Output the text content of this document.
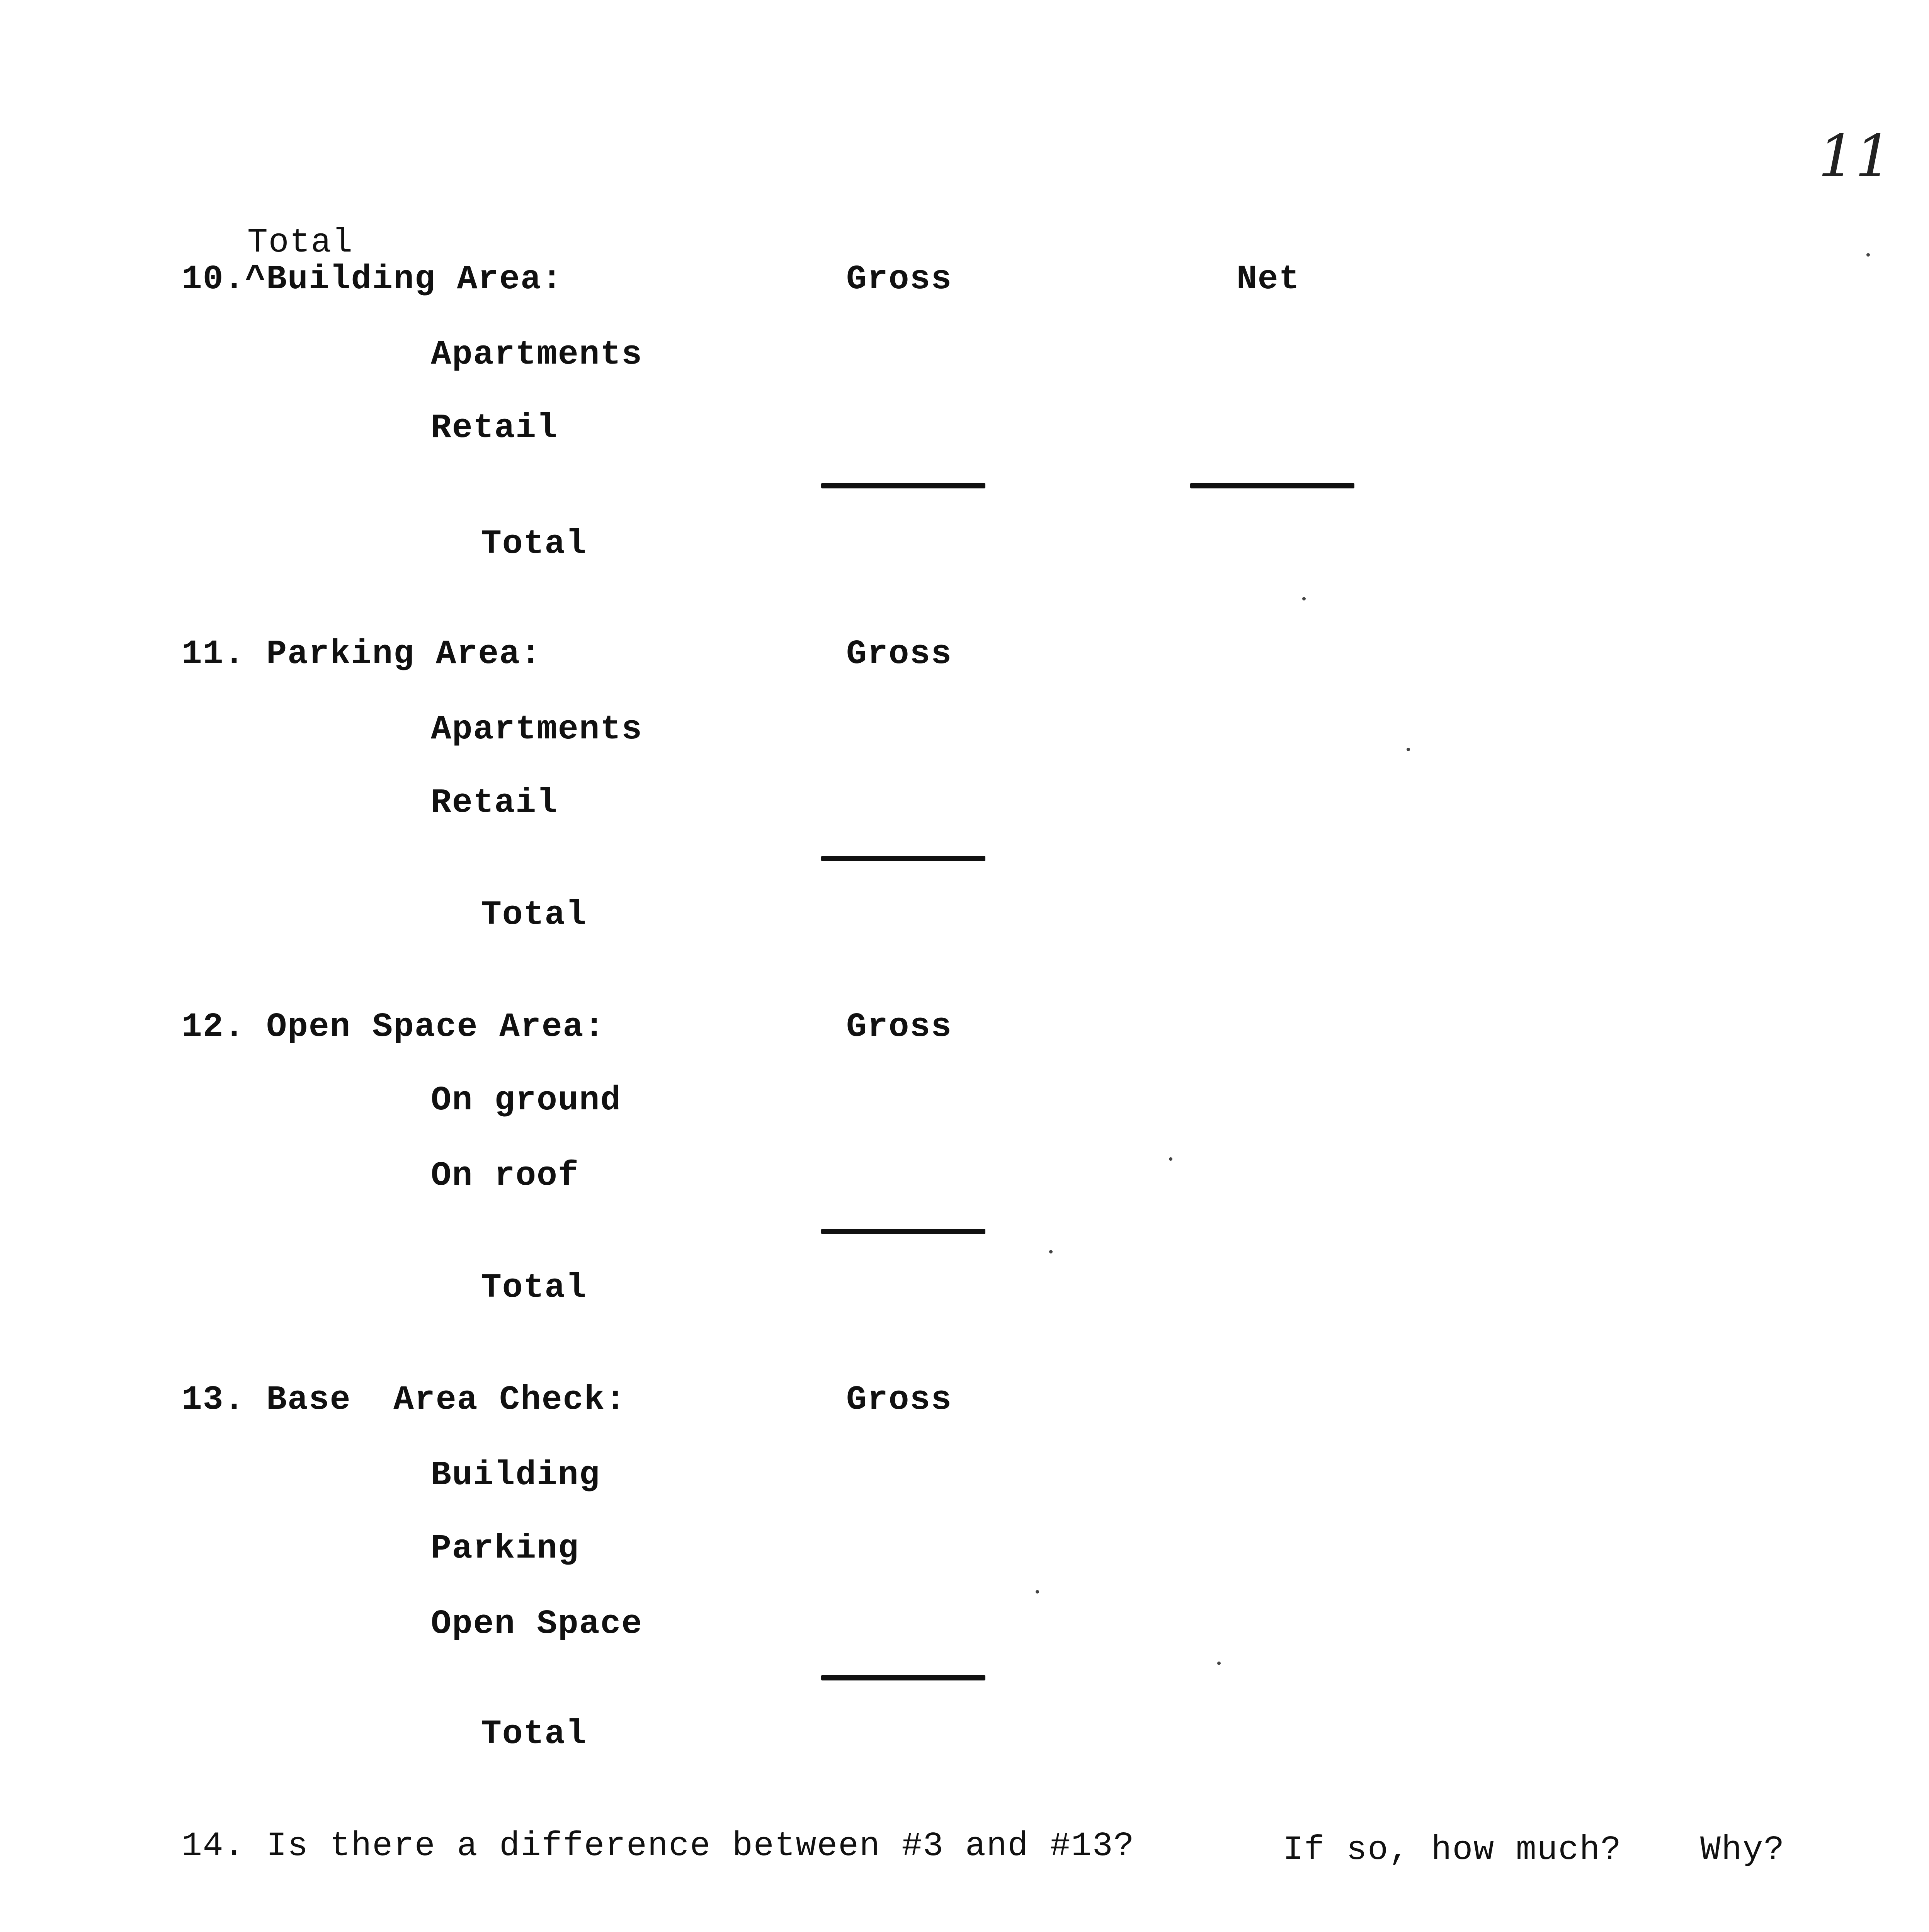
11
Total
10.^Building Area:	Gross	Net
Apartments
Retail
Total
11. Parking Area:	Gross
Apartments
Retail
Total
12. Open Space Area:	Gross
On ground
On roof
Total
13. Base  Area Check:	Gross
Building
Parking
Open Space
Total
14. Is there a difference between #3 and #13?	If so, how much? Why?
